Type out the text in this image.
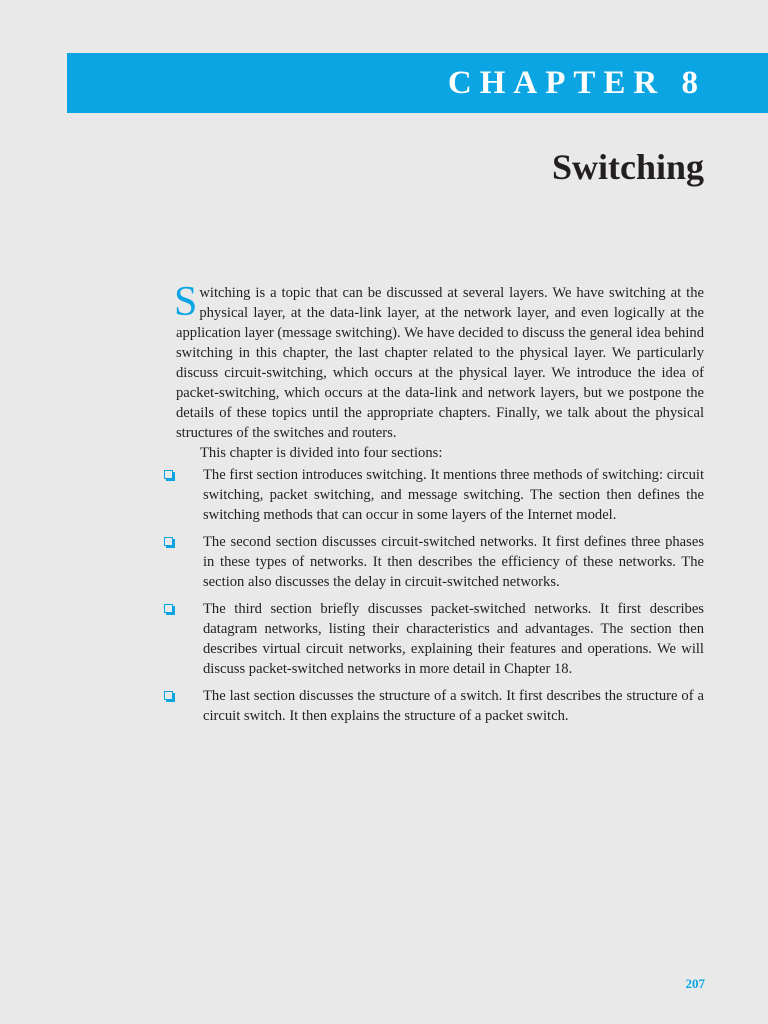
CHAPTER 8
Switching

Switching is a topic that can be discussed at several layers. We have switching at the physical layer, at the data-link layer, at the network layer, and even logically at the application layer (message switching). We have decided to discuss the general idea behind switching in this chapter, the last chapter related to the physical layer. We particularly discuss circuit-switching, which occurs at the physical layer. We introduce the idea of packet-switching, which occurs at the data-link and network layers, but we postpone the details of these topics until the appropriate chapters. Finally, we talk about the physical structures of the switches and routers.

This chapter is divided into four sections:

The first section introduces switching. It mentions three methods of switching: circuit switching, packet switching, and message switching. The section then defines the switching methods that can occur in some layers of the Internet model.
The second section discusses circuit-switched networks. It first defines three phases in these types of networks. It then describes the efficiency of these networks. The section also discusses the delay in circuit-switched networks.
The third section briefly discusses packet-switched networks. It first describes datagram networks, listing their characteristics and advantages. The section then describes virtual circuit networks, explaining their features and operations. We will discuss packet-switched networks in more detail in Chapter 18.
The last section discusses the structure of a switch. It first describes the structure of a circuit switch. It then explains the structure of a packet switch.
207
